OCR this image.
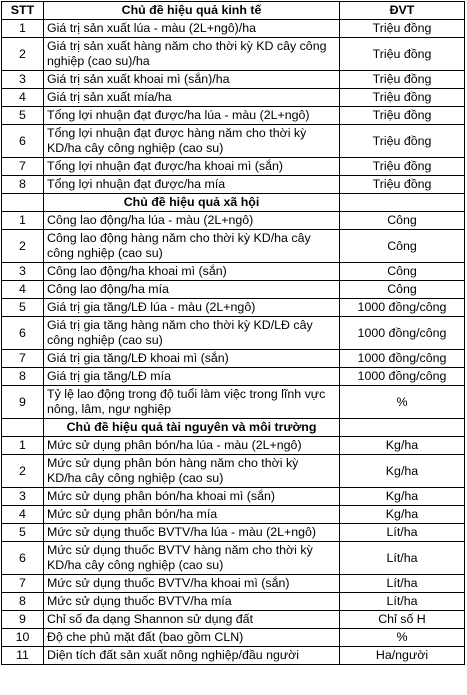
STT	Chủ đề hiệu quả kinh tế	ĐVT
1	Giá trị sản xuất lúa - màu (2L+ngô)/ha	Triệu đồng
2	Giá trị sản xuất hàng năm cho thời kỳ KD cây công nghiệp (cao su)/ha	Triệu đồng
3	Giá trị sản xuất khoai mì (sắn)/ha	Triệu đồng
4	Giá trị sản xuất mía/ha	Triệu đồng
5	Tổng lợi nhuận đạt được/ha lúa - màu (2L+ngô)	Triệu đồng
6	Tổng lợi nhuận đạt được hàng năm cho thời kỳ KD/ha cây công nghiệp (cao su)	Triệu đồng
7	Tổng lợi nhuận đạt được/ha khoai mì (sắn)	Triệu đồng
8	Tổng lợi nhuận đạt được/ha mía	Triệu đồng
	Chủ đề hiệu quả xã hội	
1	Công lao động/ha lúa - màu (2L+ngô)	Công
2	Công lao động hàng năm cho thời kỳ KD/ha cây công nghiệp (cao su)	Công
3	Công lao động/ha khoai mì (sắn)	Công
4	Công lao động/ha mía	Công
5	Giá trị gia tăng/LĐ lúa - màu (2L+ngô)	1000 đồng/công
6	Giá trị gia tăng hàng năm cho thời kỳ KD/LĐ cây công nghiệp (cao su)	1000 đồng/công
7	Giá trị gia tăng/LĐ khoai mì (sắn)	1000 đồng/công
8	Giá trị gia tăng/LĐ mía	1000 đồng/công
9	Tỷ lệ lao động trong độ tuổi làm việc trong lĩnh vực nông, lâm, ngư nghiệp	%
	Chủ đề hiệu quả tài nguyên và môi trường	
1	Mức sử dụng phân bón/ha lúa - màu (2L+ngô)	Kg/ha
2	Mức sử dụng phân bón hàng năm cho thời kỳ KD/ha cây công nghiệp (cao su)	Kg/ha
3	Mức sử dụng phân bón/ha khoai mì (sắn)	Kg/ha
4	Mức sử dụng phân bón/ha mía	Kg/ha
5	Mức sử dụng thuốc BVTV/ha lúa - màu (2L+ngô)	Lít/ha
6	Mức sử dụng thuốc BVTV hàng năm cho thời kỳ KD/ha cây công nghiệp (cao su)	Lít/ha
7	Mức sử dụng thuốc BVTV/ha khoai mì (sắn)	Lít/ha
8	Mức sử dụng thuốc BVTV/ha mía	Lít/ha
9	Chỉ số đa dạng Shannon sử dụng đất	Chỉ số H
10	Độ che phủ mặt đất (bao gồm CLN)	%
11	Diện tích đất sản xuất nông nghiệp/đầu người	Ha/người
